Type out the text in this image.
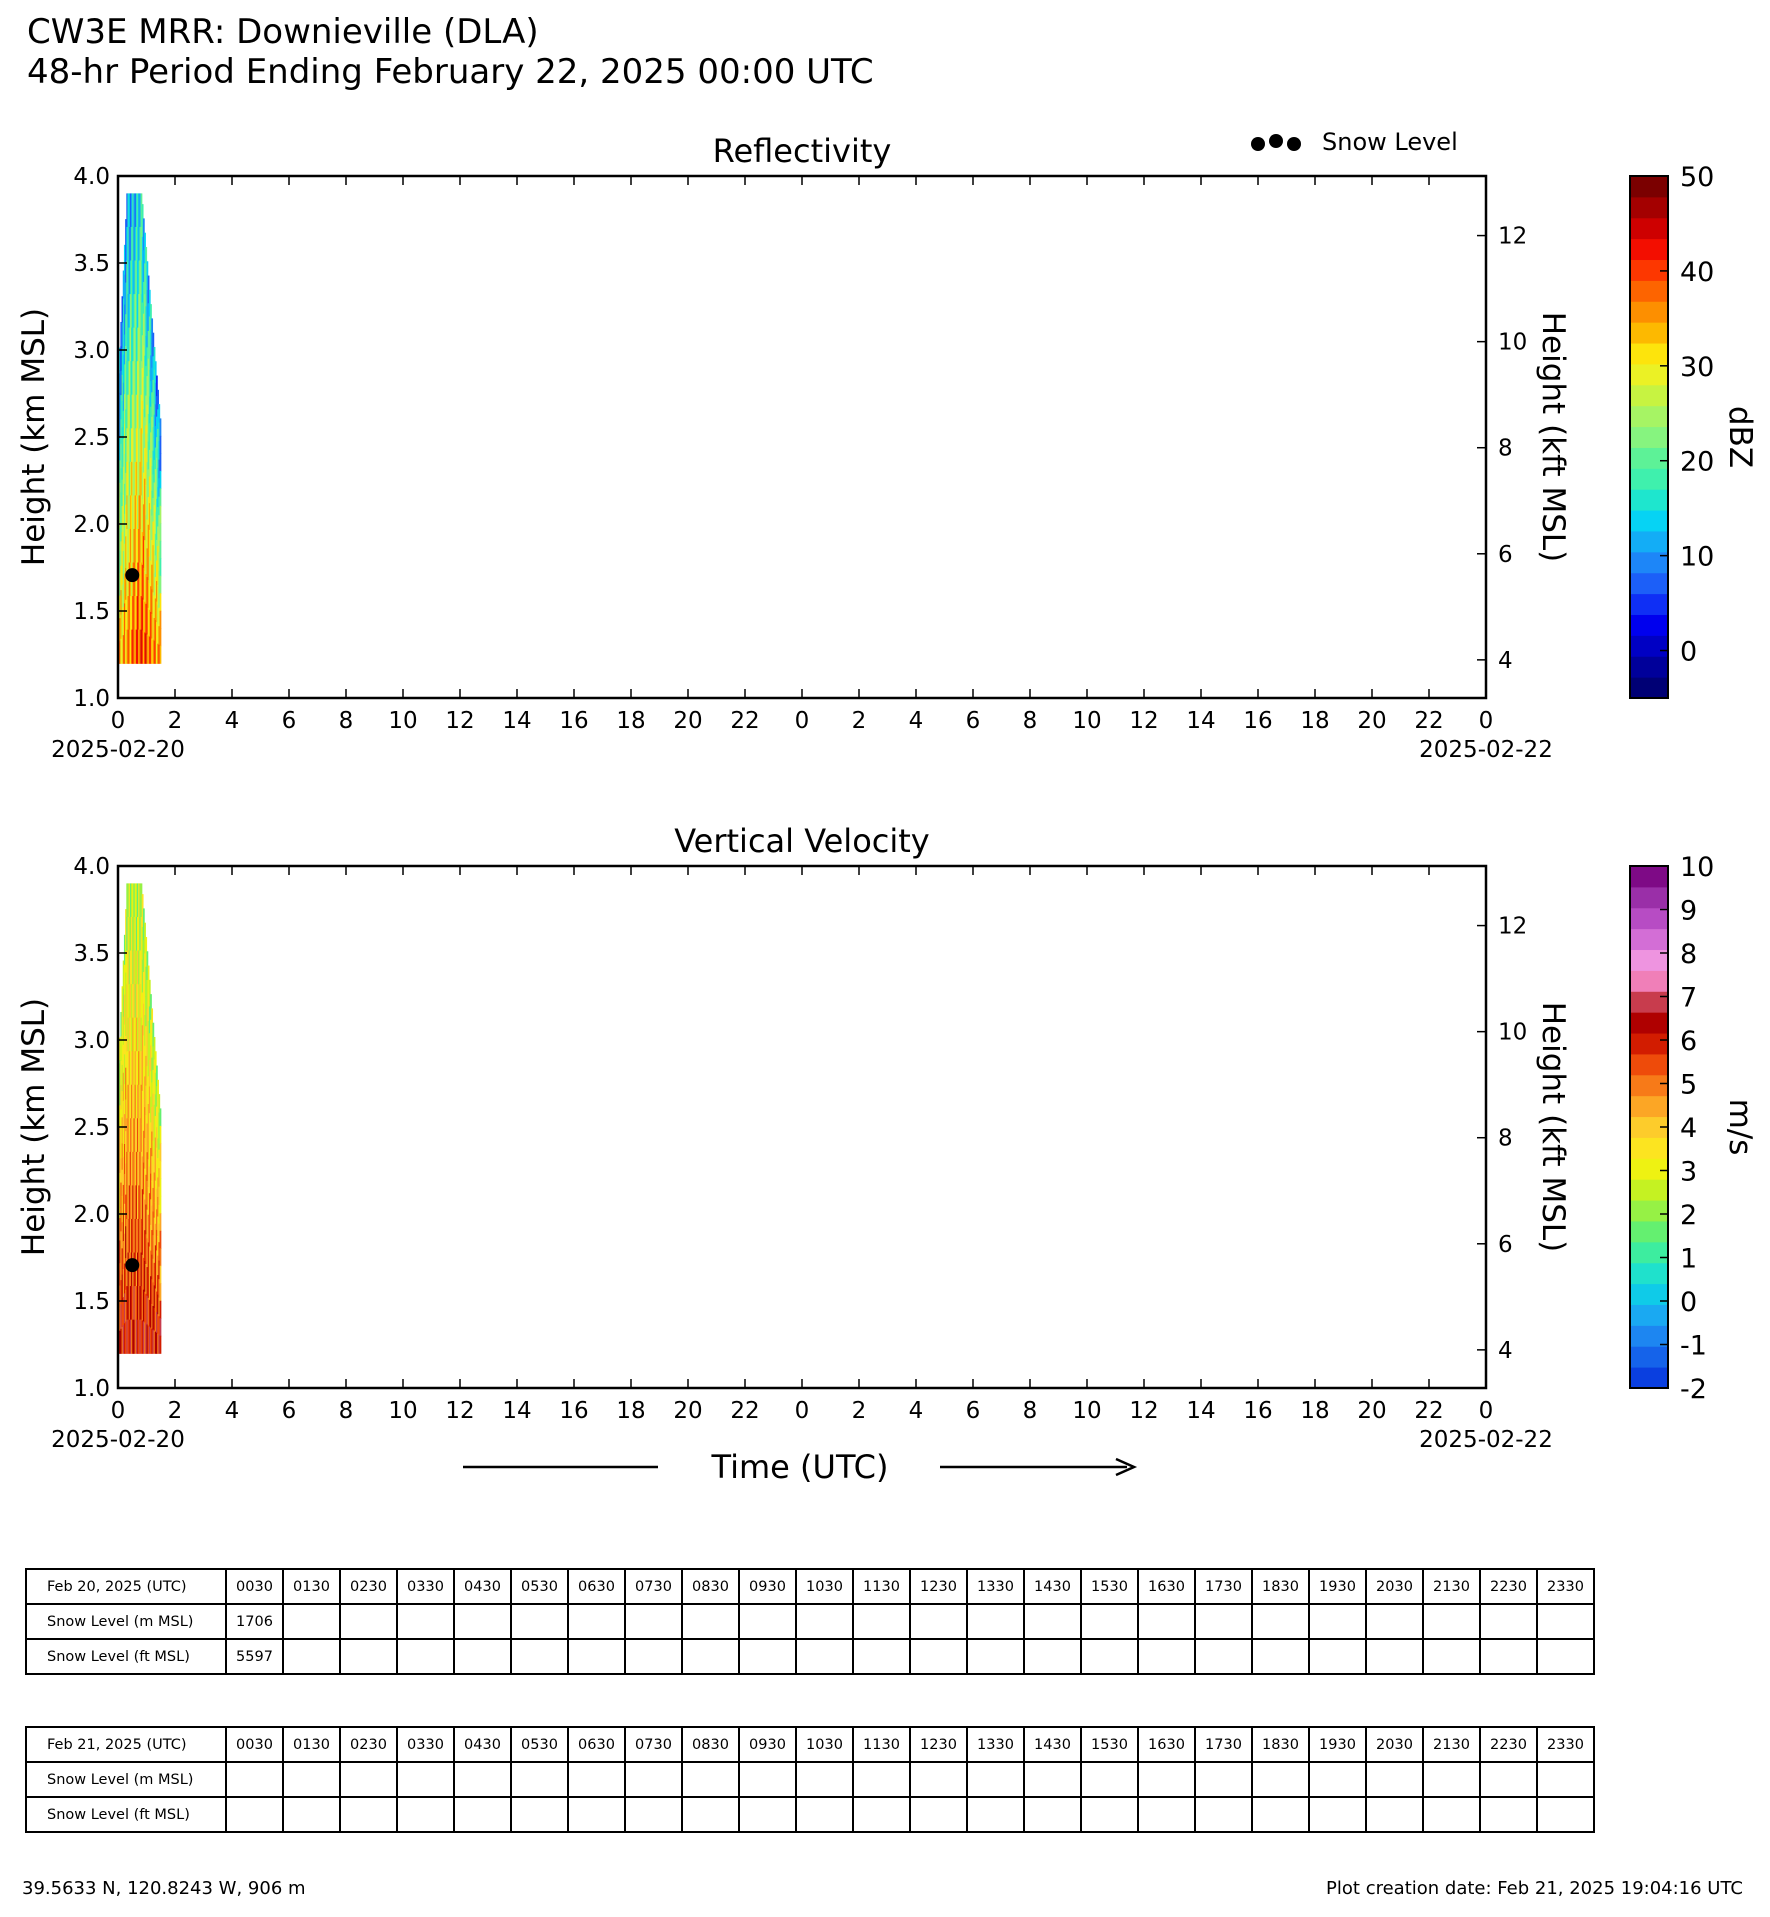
CW3E MRR: Downieville (DLA)
48-hr Period Ending February 22, 2025 00:00 UTC
Snow Level
Reflectivity
0 2 4 6 8 10 12 14 16 18 20 22 0 2 4 6 8 10 12 14 16 18 20 22 0
2025-02-20	2025-02-22
1.0
1.5
2.0
2.5
3.0
3.5
4.0
4
6
8
10
12
Height (km MSL)	Height (kft MSL)
50
40
30
20
10
0
dBZ
Vertical Velocity
0 2 4 6 8 10 12 14 16 18 20 22 0 2 4 6 8 10 12 14 16 18 20 22 0
2025-02-20	2025-02-22
1.0
1.5
2.0
2.5
3.0
3.5
4.0
4
6
8
10
12
Height (km MSL)	Height (kft MSL)
10
9
8
7
6
5
4
3
2
1
0
-1
-2
m/s
Time (UTC)
Feb 20, 2025 (UTC)	0030	0130	0230	0330	0430	0530	0630	0730	0830	0930	1030	1130	1230	1330	1430	1530	1630	1730	1830	1930	2030	2130	2230	2330
Snow Level (m MSL)	1706																							
Snow Level (ft MSL)	5597																							
Feb 21, 2025 (UTC)	0030	0130	0230	0330	0430	0530	0630	0730	0830	0930	1030	1130	1230	1330	1430	1530	1630	1730	1830	1930	2030	2130	2230	2330
Snow Level (m MSL)																								
Snow Level (ft MSL)																								
39.5633 N, 120.8243 W, 906 m	Plot creation date: Feb 21, 2025 19:04:16 UTC
